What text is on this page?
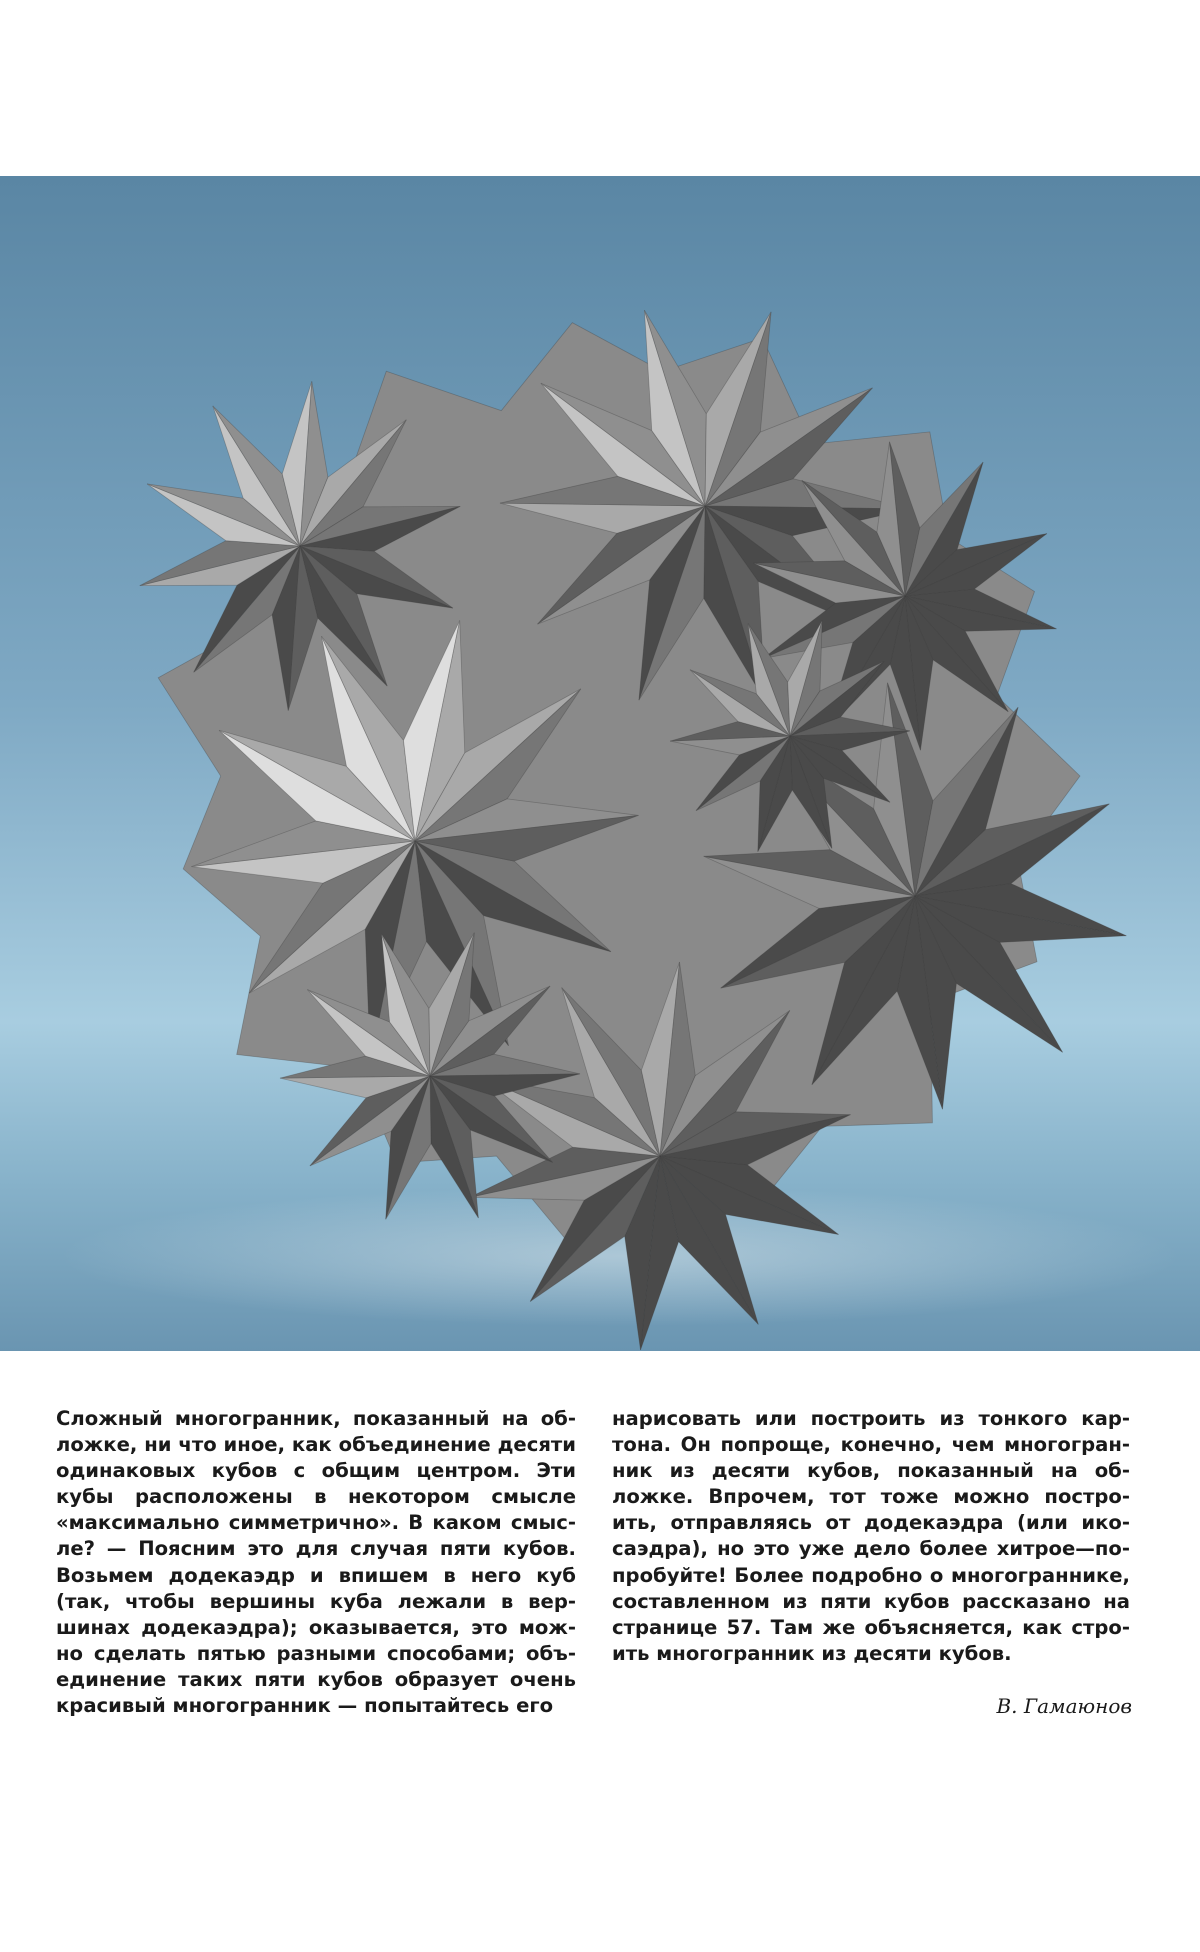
Сложный многогранник, показанный на об-
ложке, ни что иное, как объединение десяти
одинаковых кубов с общим центром. Эти
кубы расположены в некотором смысле
«максимально симметрично». В каком смыс-
ле? — Поясним это для случая пяти кубов.
Возьмем додекаэдр и впишем в него куб
(так, чтобы вершины куба лежали в вер-
шинах додекаэдра); оказывается, это мож-
но сделать пятью разными способами; объ-
единение таких пяти кубов образует очень
красивый многогранник — попытайтесь его
нарисовать или построить из тонкого кар-
тона. Он попроще, конечно, чем многогран-
ник из десяти кубов, показанный на об-
ложке. Впрочем, тот тоже можно постро-
ить, отправляясь от додекаэдра (или ико-
саэдра), но это уже дело более хитрое—по-
пробуйте! Более подробно о многограннике,
составленном из пяти кубов рассказано на
странице 57. Там же объясняется, как стро-
ить многогранник из десяти кубов.
В. Гамаюнов
